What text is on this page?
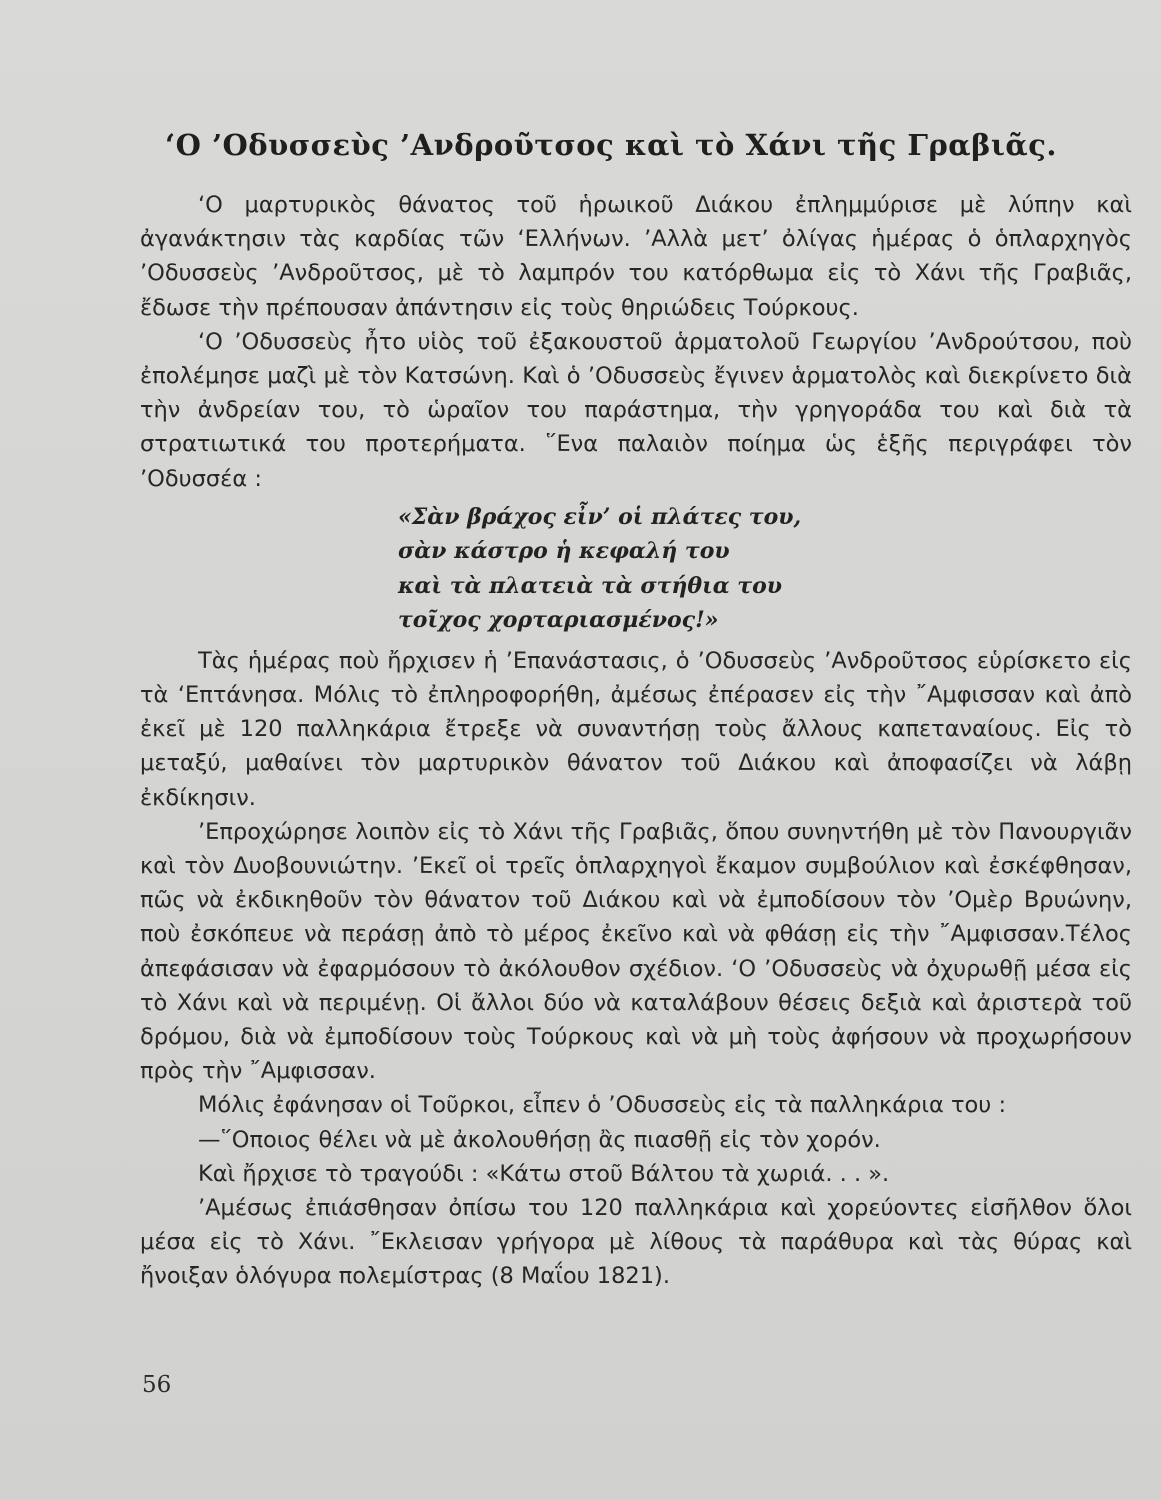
‘Ο ’Οδυσσεὺς ’Ανδροῦτσος καὶ τὸ Χάνι τῆς Γραβιᾶς.

‘Ο μαρτυρικὸς θάνατος τοῦ ἡρωικοῦ Διάκου ἐπλημμύρισε μὲ λύπην καὶ ἀγανάκτησιν τὰς καρδίας τῶν ‘Ελλήνων. ’Αλλὰ μετ’ ὀλίγας ἡμέρας ὁ ὁπλαρχηγὸς ’Οδυσσεὺς ’Ανδροῦτσος, μὲ τὸ λαμπρόν του κατόρθωμα εἰς τὸ Χάνι τῆς Γραβιᾶς, ἔδωσε τὴν πρέπουσαν ἀπάντησιν εἰς τοὺς θηριώδεις Τούρκους.

‘Ο ’Οδυσσεὺς ἦτο υἱὸς τοῦ ἐξακουστοῦ ἁρματολοῦ Γεωργίου ’Ανδρούτσου, ποὺ ἐπολέμησε μαζὶ μὲ τὸν Κατσώνη. Καὶ ὁ ’Οδυσσεὺς ἔγινεν ἁρματολὸς καὶ διεκρίνετο διὰ τὴν ἀνδρείαν του, τὸ ὡραῖον του παράστημα, τὴν γρηγοράδα του καὶ διὰ τὰ στρατιωτικά του προτερήματα. ῞Ενα παλαιὸν ποίημα ὡς ἑξῆς περιγράφει τὸν ’Οδυσσέα :

«Σὰν βράχος εἶν’ οἱ πλάτες του,
σὰν κάστρο ἡ κεφαλή του
καὶ τὰ πλατειὰ τὰ στήθια του
τοῖχος χορταριασμένος!»

Τὰς ἡμέρας ποὺ ἤρχισεν ἡ ’Επανάστασις, ὁ ’Οδυσσεὺς ’Ανδροῦτσος εὑρίσκετο εἰς τὰ ‘Επτάνησα. Μόλις τὸ ἐπληροφορήθη, ἀμέσως ἐπέρασεν εἰς τὴν ῎Αμφισσαν καὶ ἀπὸ ἐκεῖ μὲ 120 παλληκάρια ἔτρεξε νὰ συναντήσῃ τοὺς ἄλλους καπεταναίους. Εἰς τὸ μεταξύ, μαθαίνει τὸν μαρτυρικὸν θάνατον τοῦ Διάκου καὶ ἀποφασίζει νὰ λάβῃ ἐκδίκησιν.

’Επροχώρησε λοιπὸν εἰς τὸ Χάνι τῆς Γραβιᾶς, ὅπου συνηντήθη μὲ τὸν Πανουργιᾶν καὶ τὸν Δυοβουνιώτην. ’Εκεῖ οἱ τρεῖς ὁπλαρχηγοὶ ἔκαμον συμβούλιον καὶ ἐσκέφθησαν, πῶς νὰ ἐκδικηθοῦν τὸν θάνατον τοῦ Διάκου καὶ νὰ ἐμποδίσουν τὸν ’Ομὲρ Βρυώνην, ποὺ ἐσκόπευε νὰ περάσῃ ἀπὸ τὸ μέρος ἐκεῖνο καὶ νὰ φθάσῃ εἰς τὴν ῎Αμφισσαν.Τέλος ἀπεφάσισαν νὰ ἐφαρμόσουν τὸ ἀκόλουθον σχέδιον. ‘Ο ’Οδυσσεὺς νὰ ὀχυρωθῇ μέσα εἰς τὸ Χάνι καὶ νὰ περιμένῃ. Οἱ ἄλλοι δύο νὰ καταλάβουν θέσεις δεξιὰ καὶ ἀριστερὰ τοῦ δρόμου, διὰ νὰ ἐμποδίσουν τοὺς Τούρκους καὶ νὰ μὴ τοὺς ἀφήσουν νὰ προχωρήσουν πρὸς τὴν ῎Αμφισσαν.

Μόλις ἐφάνησαν οἱ Τοῦρκοι, εἶπεν ὁ ’Οδυσσεὺς εἰς τὰ παλληκάρια του :

—῞Οποιος θέλει νὰ μὲ ἀκολουθήσῃ ἂς πιασθῇ εἰς τὸν χορόν.

Καὶ ἤρχισε τὸ τραγούδι : «Κάτω στοῦ Βάλτου τὰ χωριά. . . ».

’Αμέσως ἐπιάσθησαν ὀπίσω του 120 παλληκάρια καὶ χορεύοντες εἰσῆλθον ὅλοι μέσα εἰς τὸ Χάνι. ῎Εκλεισαν γρήγορα μὲ λίθους τὰ παράθυρα καὶ τὰς θύρας καὶ ἤνοιξαν ὁλόγυρα πολεμίστρας (8 Μαΐου 1821).

56
